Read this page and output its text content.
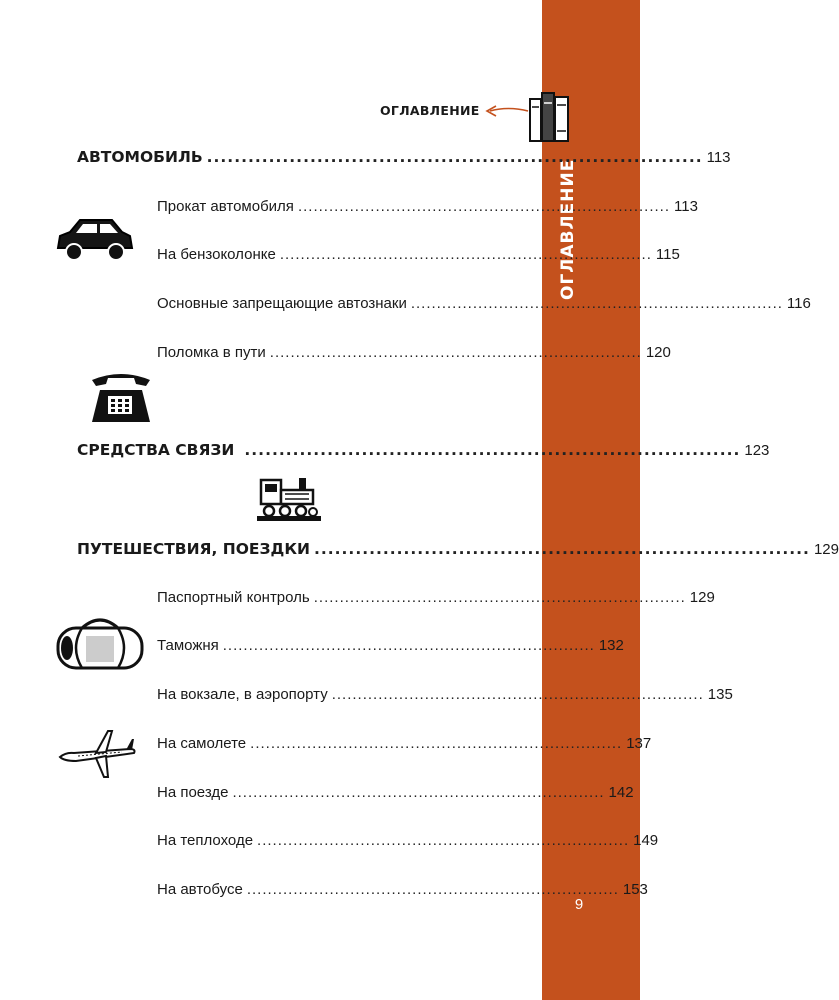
ОГЛАВЛЕНИЕ
9
ОГЛАВЛЕНИЕ
АВТОМОБИЛЬ ........................................................................ 113
Прокат автомобиля ........................................................................ 113
На бензоколонке ........................................................................ 115
Основные запрещающие автознаки ........................................................................ 116
Поломка в пути ........................................................................ 120
СРЕДСТВА СВЯЗИ ........................................................................ 123
ПУТЕШЕСТВИЯ, ПОЕЗДКИ ........................................................................ 129
Паспортный контроль ........................................................................ 129
Таможня ........................................................................ 132
На вокзале, в аэропорту ........................................................................ 135
На самолете ........................................................................ 137
На поезде ........................................................................ 142
На теплоходе ........................................................................ 149
На автобусе ........................................................................ 153
